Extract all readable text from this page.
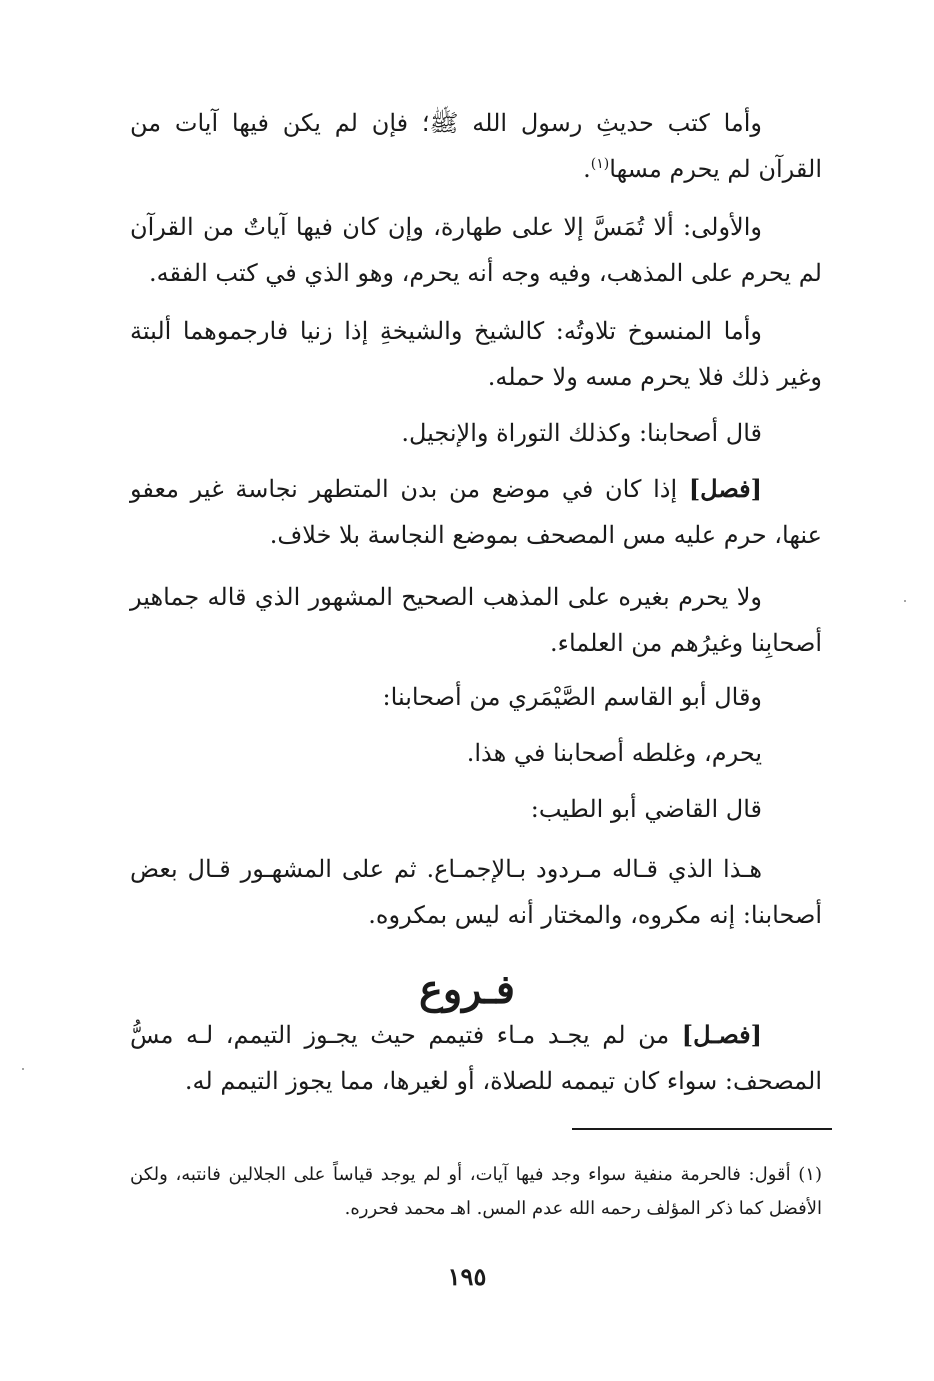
وأما كتب حديثِ رسول الله ﷺ؛ فإن لم يكن فيها آيات من القرآن لم يحرم مسها$^{(١)}$.

والأولى: ألا تُمَسَّ إلا على طهارة، وإن كان فيها آياتٌ من القرآن لم يحرم على المذهب، وفيه وجه أنه يحرم، وهو الذي في كتب الفقه.

وأما المنسوخ تلاوتُه: كالشيخ والشيخةِ إذا زنيا فارجموهما ألبتة وغير ذلك فلا يحرم مسه ولا حمله.

قال أصحابنا: وكذلك التوراة والإنجيل.

[فصل] إذا كان في موضع من بدن المتطهر نجاسة غير معفو عنها، حرم عليه مس المصحف بموضع النجاسة بلا خلاف.

ولا يحرم بغيره على المذهب الصحيح المشهور الذي قاله جماهير أصحابِنا وغيرُهم من العلماء.

وقال أبو القاسم الصَّيْمَري من أصحابنا:

يحرم، وغلطه أصحابنا في هذا.

قال القاضي أبو الطيب:

هـذا الذي قـاله مـردود بـالإجمـاع. ثم على المشهـور قـال بعض أصحابنا: إنه مكروه، والمختار أنه ليس بمكروه.

فـروع

[فصـل] من لم يجـد مـاء فتيمم حيث يجـوز التيمم، لـه مسُّ المصحف: سواء كان تيممه للصلاة، أو لغيرها، مما يجوز التيمم له.

(١) أقول: فالحرمة منفية سواء وجد فيها آيات، أو لم يوجد قياساً على الجلالين فانتبه، ولكن الأفضل كما ذكر المؤلف رحمه الله عدم المس. اهـ محمد فحرره.
١٩٥
